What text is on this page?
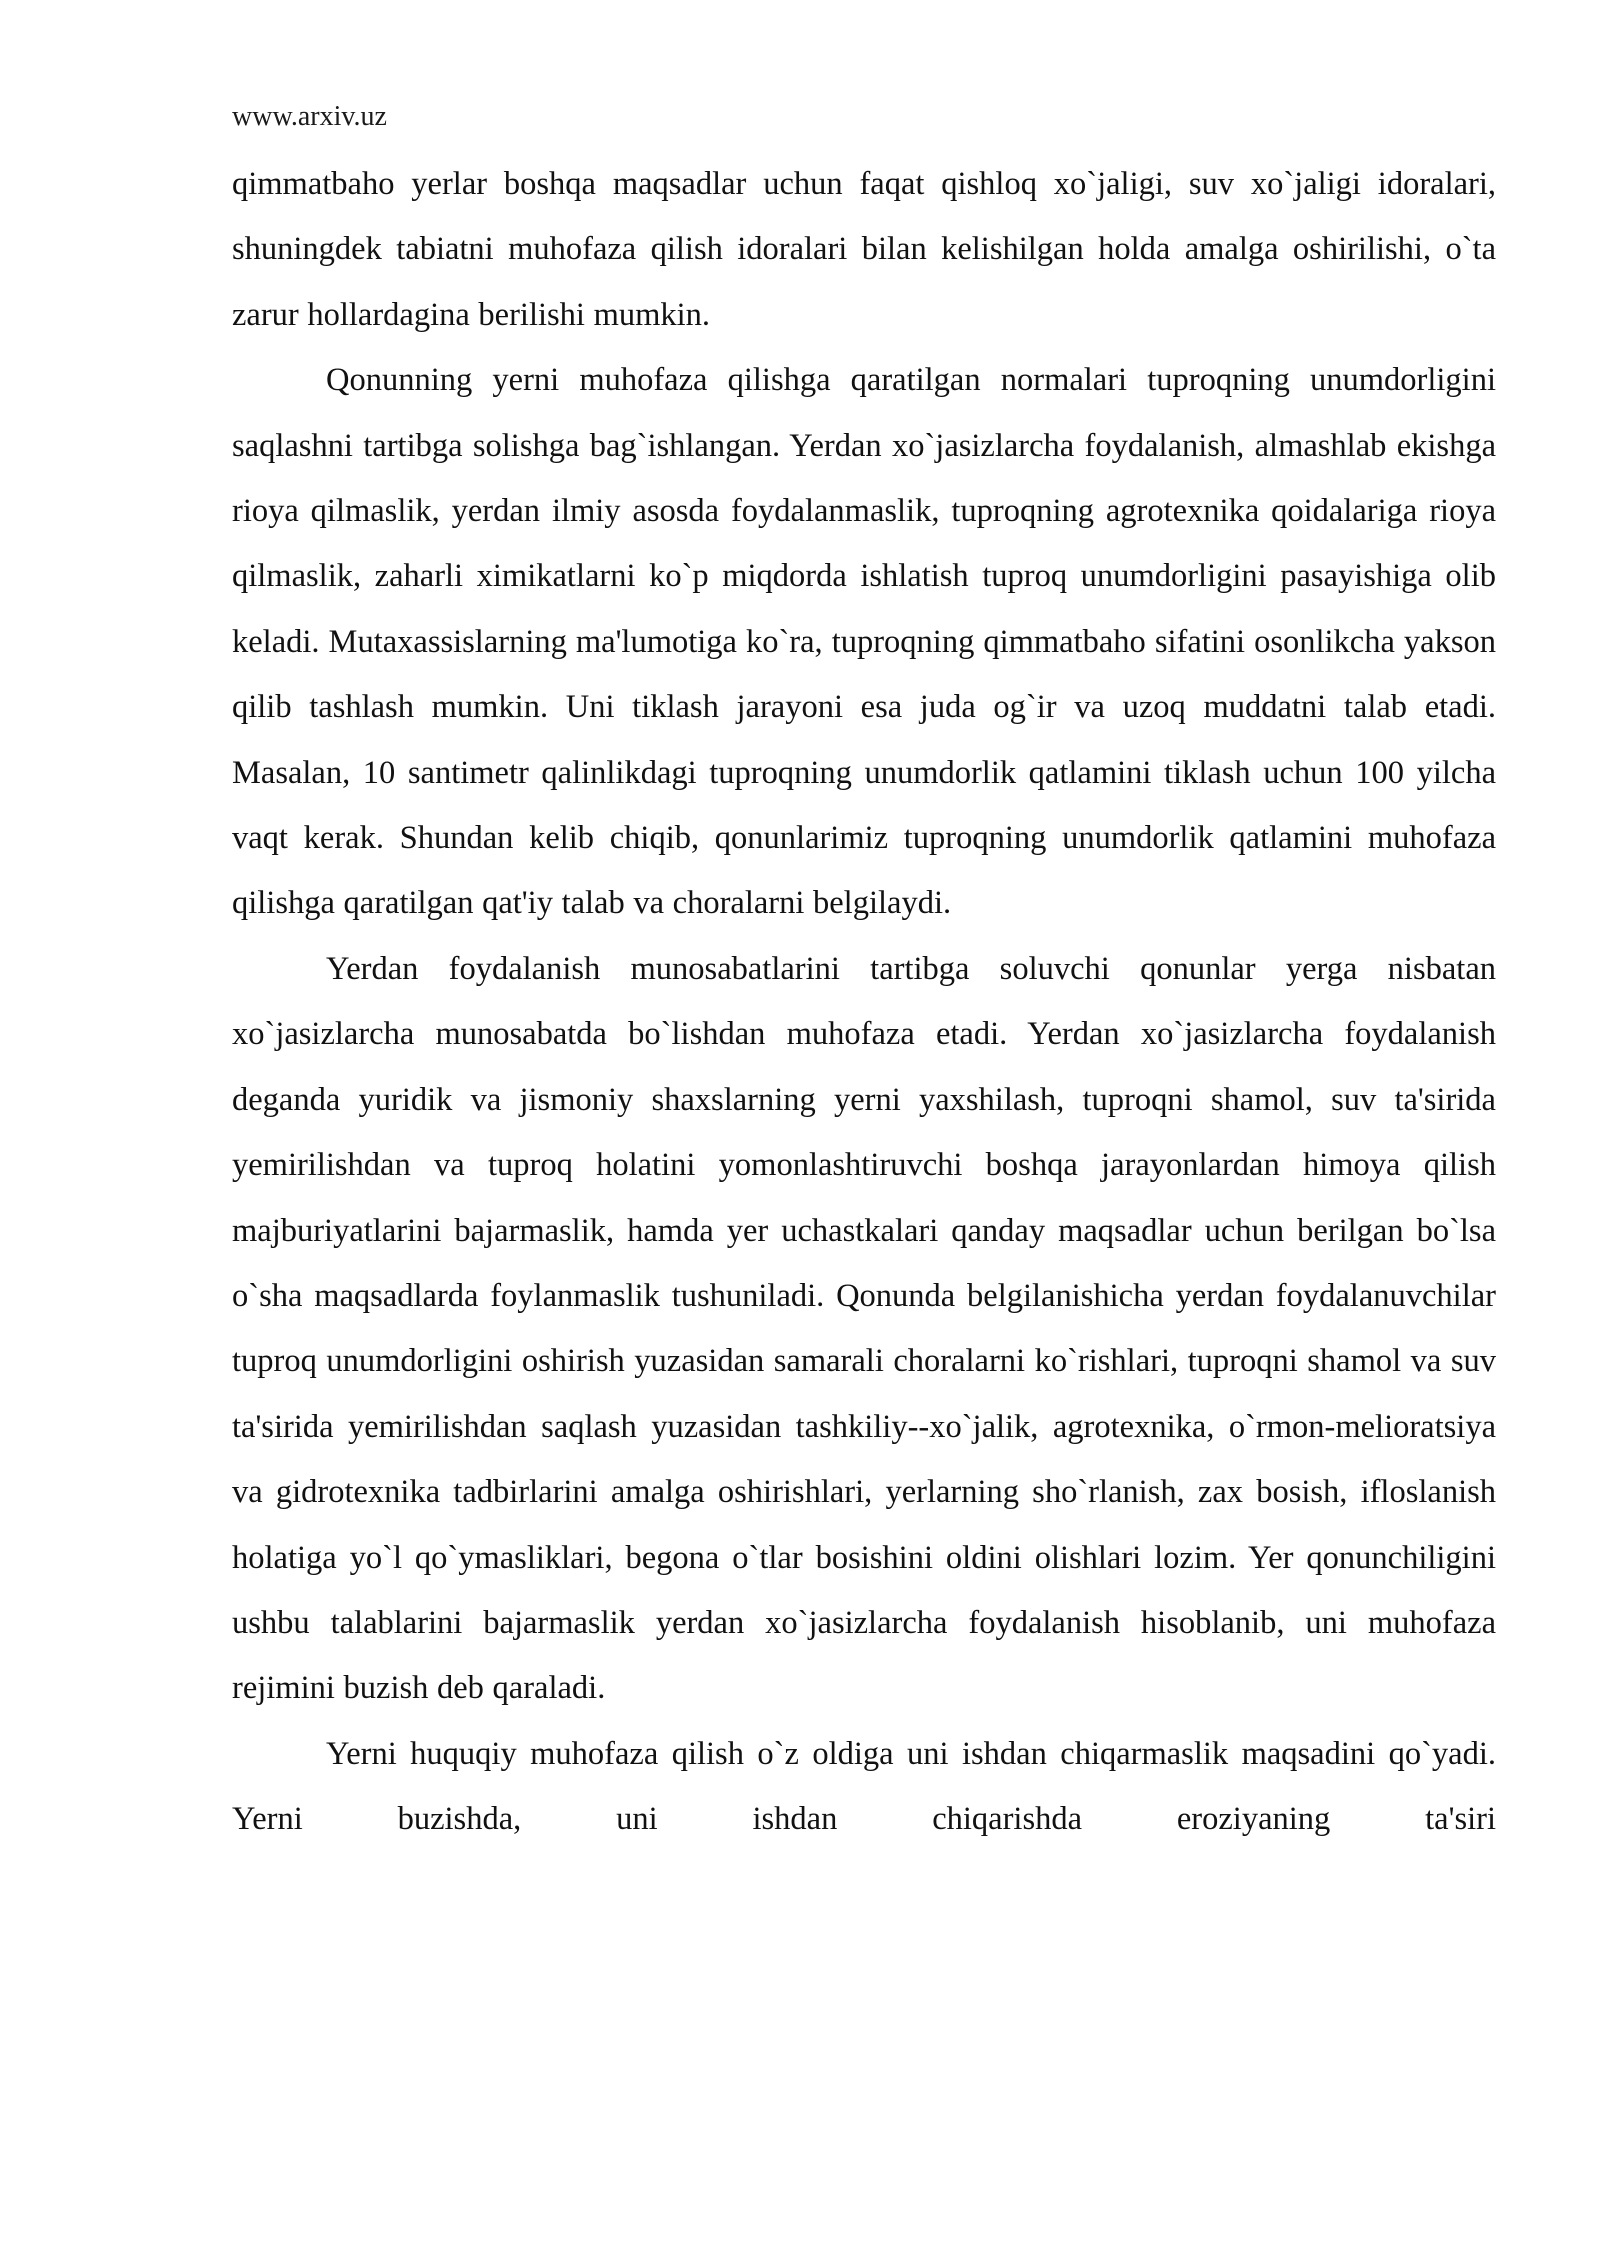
www.arxiv.uz

qimmatbaho yerlar boshqa maqsadlar uchun faqat qishloq xo`jaligi, suv xo`jaligi idoralari, shuningdek tabiatni muhofaza qilish idoralari bilan kelishilgan holda amalga oshirilishi, o`ta zarur hollardagina berilishi mumkin.

Qonunning yerni muhofaza qilishga qaratilgan normalari tuproqning unumdorligini saqlashni tartibga solishga bag`ishlangan. Yerdan xo`jasizlarcha foydalanish, almashlab ekishga rioya qilmaslik, yerdan ilmiy asosda foydalanmaslik, tuproqning agrotexnika qoidalariga rioya qilmaslik, zaharli ximikatlarni ko`p miqdorda ishlatish tuproq unumdorligini pasayishiga olib keladi. Mutaxassislarning ma'lumotiga ko`ra, tuproqning qimmatbaho sifatini osonlikcha yakson qilib tashlash mumkin. Uni tiklash jarayoni esa juda og`ir va uzoq muddatni talab etadi. Masalan, 10 santimetr qalinlikdagi tuproqning unumdorlik qatlamini tiklash uchun 100 yilcha vaqt kerak. Shundan kelib chiqib, qonunlarimiz tuproqning unumdorlik qatlamini muhofaza qilishga qaratilgan qat'iy talab va choralarni belgilaydi.

Yerdan foydalanish munosabatlarini tartibga soluvchi qonunlar yerga nisbatan xo`jasizlarcha munosabatda bo`lishdan muhofaza etadi. Yerdan xo`jasizlarcha foydalanish deganda yuridik va jismoniy shaxslarning yerni yaxshilash, tuproqni shamol, suv ta'sirida yemirilishdan va tuproq holatini yomonlashtiruvchi boshqa jarayonlardan himoya qilish majburiyatlarini bajarmaslik, hamda yer uchastkalari qanday maqsadlar uchun berilgan bo`lsa o`sha maqsadlarda foylanmaslik tushuniladi. Qonunda belgilanishicha yerdan foydalanuvchilar tuproq unumdorligini oshirish yuzasidan samarali choralarni ko`rishlari, tuproqni shamol va suv ta'sirida yemirilishdan saqlash yuzasidan tashkiliy--xo`jalik, agrotexnika, o`rmon-melioratsiya va gidrotexnika tadbirlarini amalga oshirishlari, yerlarning sho`rlanish, zax bosish, ifloslanish holatiga yo`l qo`ymasliklari, begona o`tlar bosishini oldini olishlari lozim. Yer qonunchiligini ushbu talablarini bajarmaslik yerdan xo`jasizlarcha foydalanish hisoblanib, uni muhofaza rejimini buzish deb qaraladi.

Yerni huquqiy muhofaza qilish o`z oldiga uni ishdan chiqarmaslik maqsadini qo`yadi. Yerni buzishda, uni ishdan chiqarishda eroziyaning ta'siri
